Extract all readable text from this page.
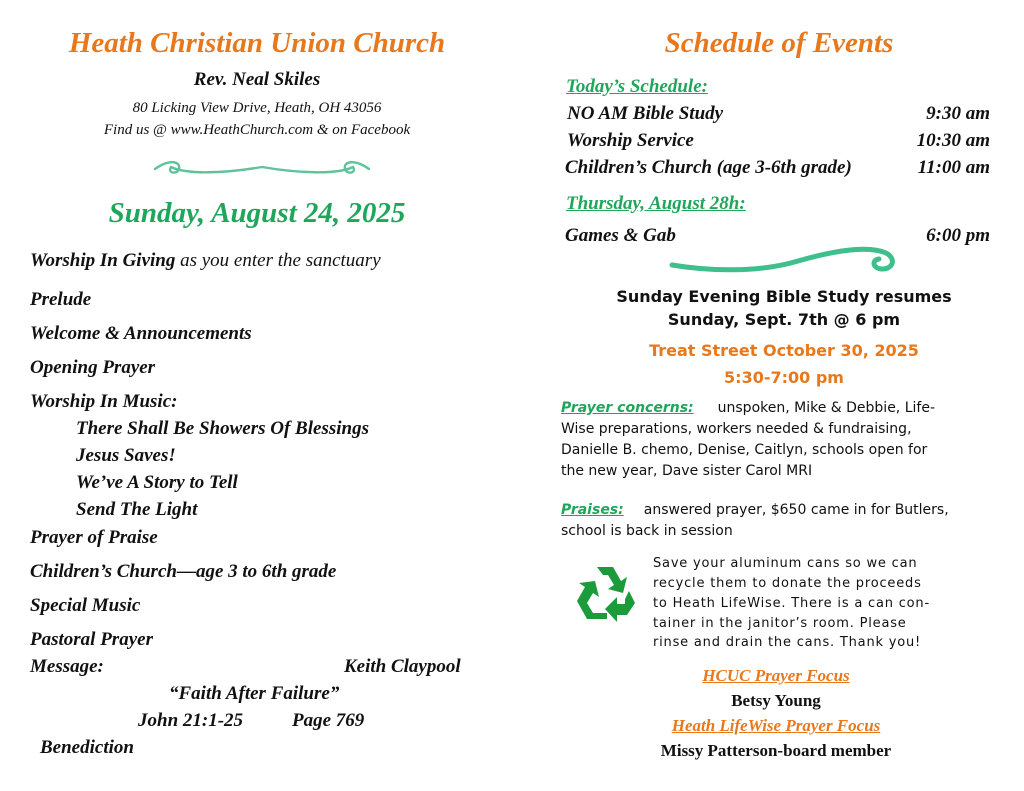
Heath Christian Union Church
Rev. Neal Skiles
80 Licking View Drive, Heath, OH 43056
Find us @ www.HeathChurch.com & on Facebook
Sunday, August 24, 2025
Worship In Giving as you enter the sanctuary
Prelude
Welcome & Announcements
Opening Prayer
Worship In Music:
There Shall Be Showers Of Blessings
Jesus Saves!
We’ve A Story to Tell
Send The Light
Prayer of Praise
Children’s Church—age 3 to 6th grade
Special Music
Pastoral Prayer
Message:	Keith Claypool
“Faith After Failure”
John 21:1-25	Page 769
Benediction
Schedule of Events
Today’s Schedule:
NO AM Bible Study	9:30 am
Worship Service	10:30 am
Children’s Church (age 3-6th grade)	11:00 am
Thursday, August 28h:
Games & Gab	6:00 pm
Sunday Evening Bible Study resumes
Sunday, Sept. 7th @ 6 pm
Treat Street October 30, 2025
5:30-7:00 pm
Prayer concerns: unspoken, Mike & Debbie, Life-
Wise preparations, workers needed & fundraising,
Danielle B. chemo, Denise, Caitlyn, schools open for
the new year, Dave sister Carol MRI
Praises: answered prayer, $650 came in for Butlers,
school is back in session
Save your aluminum cans so we can
recycle them to donate the proceeds
to Heath LifeWise. There is a can con-
tainer in the janitor’s room. Please
rinse and drain the cans. Thank you!
HCUC Prayer Focus
Betsy Young
Heath LifeWise Prayer Focus
Missy Patterson-board member
